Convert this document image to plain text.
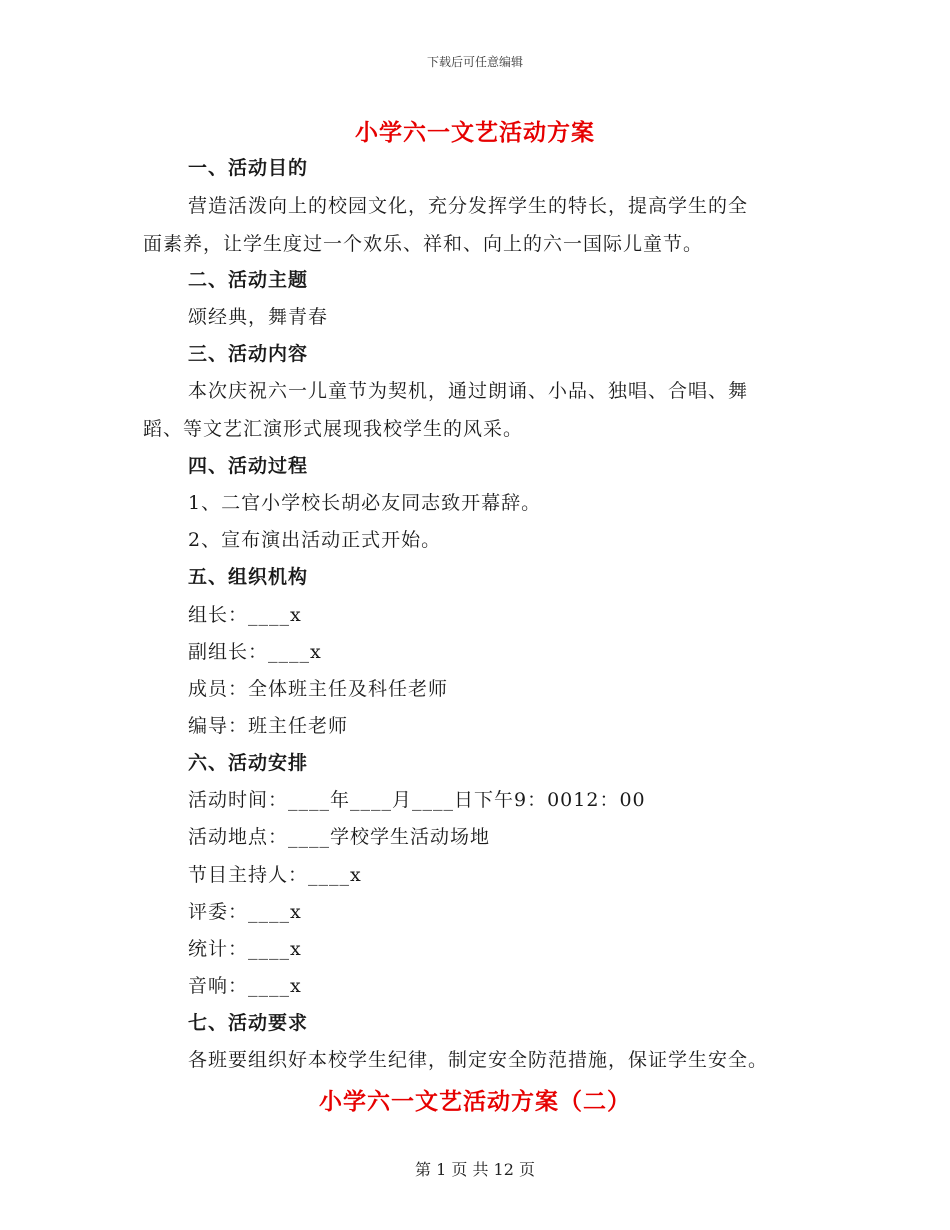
下载后可任意编辑
小学六一文艺活动方案
一、活动目的
营造活泼向上的校园文化，充分发挥学生的特长，提高学生的全
面素养，让学生度过一个欢乐、祥和、向上的六一国际儿童节。
二、活动主题
颂经典，舞青春
三、活动内容
本次庆祝六一儿童节为契机，通过朗诵、小品、独唱、合唱、舞
蹈、等文艺汇演形式展现我校学生的风采。
四、活动过程
1、二官小学校长胡必友同志致开幕辞。
2、宣布演出活动正式开始。
五、组织机构
组长：____x
副组长：____x
成员：全体班主任及科任老师
编导：班主任老师
六、活动安排
活动时间：____年____月____日下午9：0012：00
活动地点：____学校学生活动场地
节目主持人：____x
评委：____x
统计：____x
音响：____x
七、活动要求
各班要组织好本校学生纪律，制定安全防范措施，保证学生安全。
小学六一文艺活动方案（二）
第 1 页 共 12 页
